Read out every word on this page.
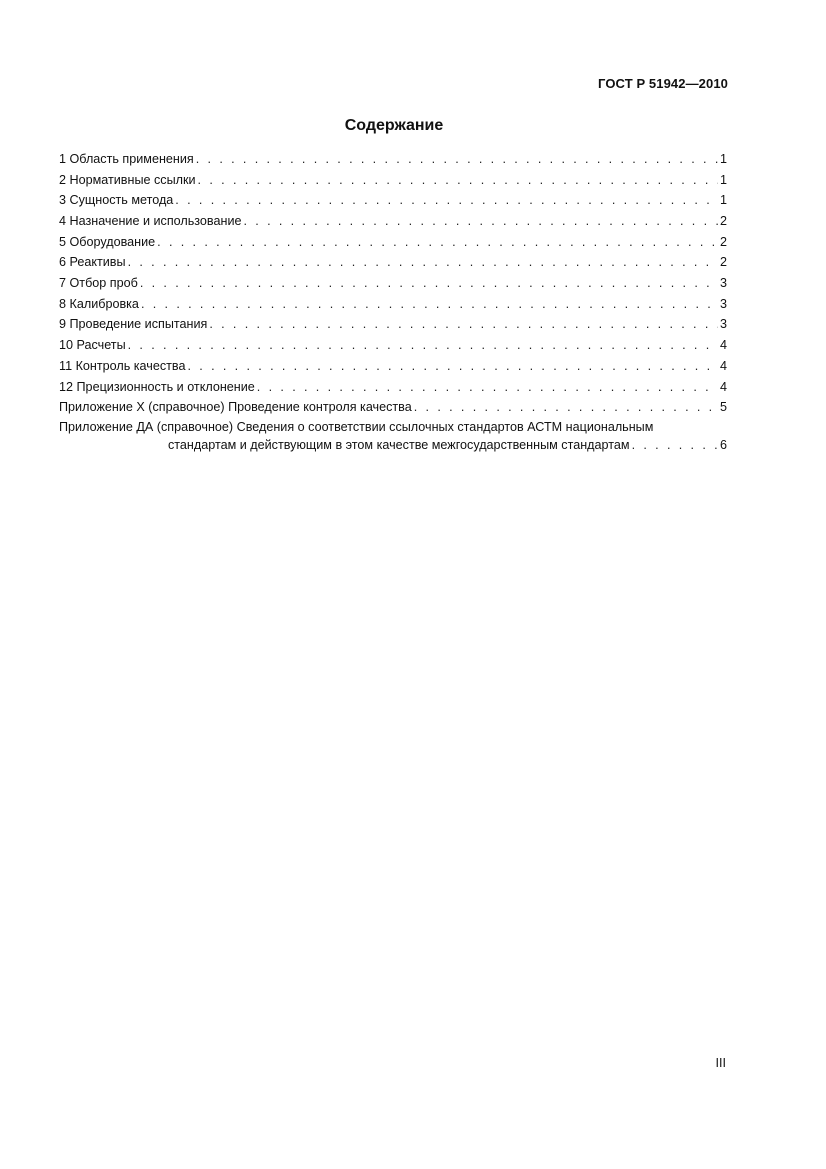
ГОСТ Р 51942—2010
Содержание
1 Область применения . . .	1
2 Нормативные ссылки . . .	1
3 Сущность метода . . .	1
4 Назначение и использование . . .	2
5 Оборудование . . .	2
6 Реактивы . . .	2
7 Отбор проб . . .	3
8 Калибровка . . .	3
9 Проведение испытания . . .	3
10 Расчеты . . .	4
11 Контроль качества . . .	4
12 Прецизионность и отклонение . . .	4
Приложение X (справочное) Проведение контроля качества . . .	5
Приложение ДА (справочное) Сведения о соответствии ссылочных стандартов АСТМ национальным
стандартам и действующим в этом качестве межгосударственным стандартам . . .	6
III
